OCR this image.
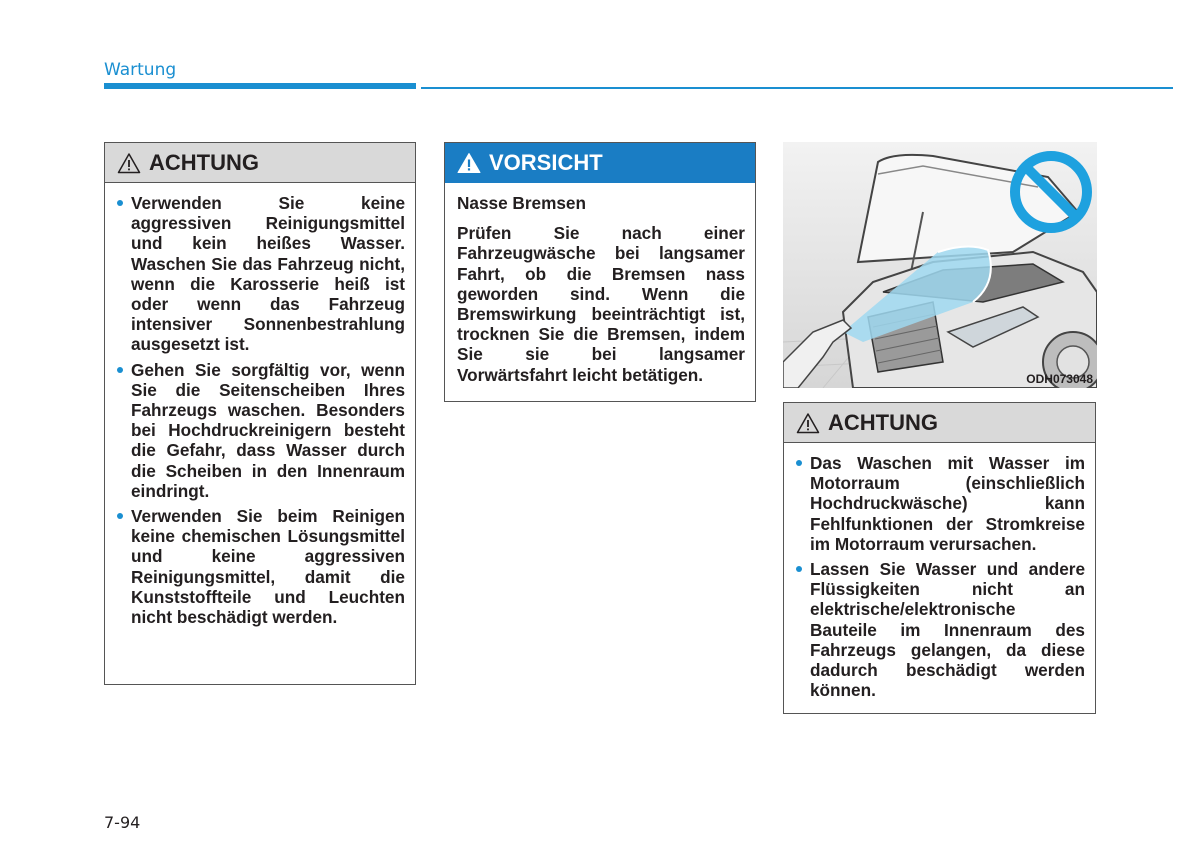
Wartung
ACHTUNG
Verwenden Sie keine aggressiven Reinigungsmittel und kein heißes Wasser. Waschen Sie das Fahrzeug nicht, wenn die Karosserie heiß ist oder wenn das Fahrzeug intensiver Sonnenbestrahlung ausgesetzt ist.
Gehen Sie sorgfältig vor, wenn Sie die Seitenscheiben Ihres Fahrzeugs waschen. Besonders bei Hochdruckreinigern besteht die Gefahr, dass Wasser durch die Scheiben in den Innenraum eindringt.
Verwenden Sie beim Reinigen keine chemischen Lösungsmittel und keine aggressiven Reinigungsmittel, damit die Kunststoffteile und Leuchten nicht beschädigt werden.
VORSICHT

Nasse Bremsen

Prüfen Sie nach einer Fahrzeugwäsche bei langsamer Fahrt, ob die Bremsen nass geworden sind. Wenn die Bremswirkung beeinträchtigt ist, trocknen Sie die Bremsen, indem Sie sie bei langsamer Vorwärtsfahrt leicht betätigen.	ODH073048
ACHTUNG
Das Waschen mit Wasser im Motorraum (einschließlich Hochdruckwäsche) kann Fehlfunktionen der Stromkreise im Motorraum verursachen.
Lassen Sie Wasser und andere Flüssigkeiten nicht an elektrische/elektronische Bauteile im Innenraum des Fahrzeugs gelangen, da diese dadurch beschädigt werden können.
7-94
